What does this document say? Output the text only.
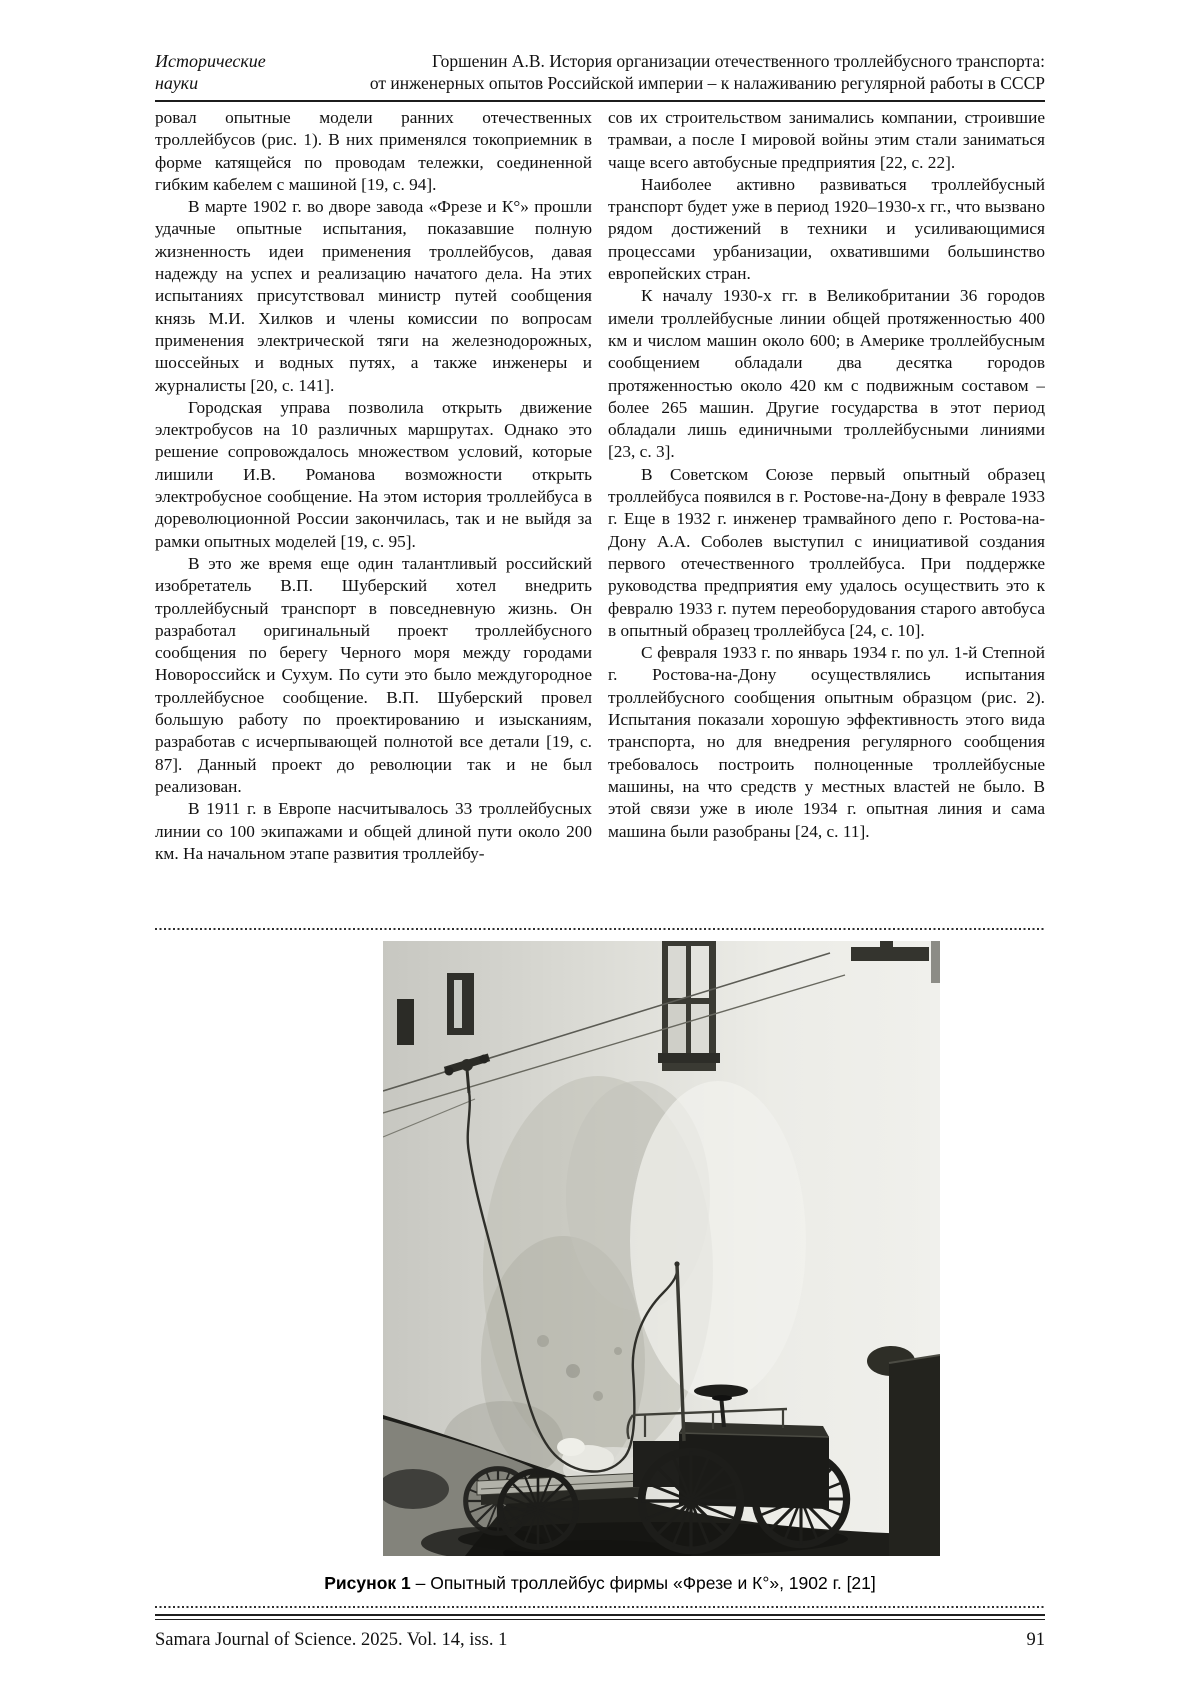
Исторические
науки
Горшенин А.В. История организации отечественного троллейбусного транспорта:
от инженерных опытов Российской империи – к налаживанию регулярной работы в СССР

ровал опытные модели ранних отечественных троллейбусов (рис. 1). В них применялся токоприемник в форме катящейся по проводам тележки, соединенной гибким кабелем с машиной [19, с. 94].

В марте 1902 г. во дворе завода «Фрезе и К°» прошли удачные опытные испытания, показавшие полную жизненность идеи применения троллейбусов, давая надежду на успех и реализацию начатого дела. На этих испытаниях присутствовал министр путей сообщения князь М.И. Хилков и члены комиссии по вопросам применения электрической тяги на железнодорожных, шоссейных и водных путях, а также инженеры и журналисты [20, с. 141].

Городская управа позволила открыть движение электробусов на 10 различных маршрутах. Однако это решение сопровождалось множеством условий, которые лишили И.В. Романова возможности открыть электробусное сообщение. На этом история троллейбуса в дореволюционной России закончилась, так и не выйдя за рамки опытных моделей [19, с. 95].

В это же время еще один талантливый российский изобретатель В.П. Шуберский хотел внедрить троллейбусный транспорт в повседневную жизнь. Он разработал оригинальный проект троллейбусного сообщения по берегу Черного моря между городами Новороссийск и Сухум. По сути это было междугородное троллейбусное сообщение. В.П. Шуберский провел большую работу по проектированию и изысканиям, разработав с исчерпывающей полнотой все детали [19, с. 87]. Данный проект до революции так и не был реализован.

В 1911 г. в Европе насчитывалось 33 троллейбусных линии со 100 экипажами и общей длиной пути около 200 км. На начальном этапе развития троллейбу-

сов их строительством занимались компании, строившие трамваи, а после I мировой войны этим стали заниматься чаще всего автобусные предприятия [22, с. 22].

Наиболее активно развиваться троллейбусный транспорт будет уже в период 1920–1930-х гг., что вызвано рядом достижений в техники и усиливающимися процессами урбанизации, охватившими большинство европейских стран.

К началу 1930-х гг. в Великобритании 36 городов имели троллейбусные линии общей протяженностью 400 км и числом машин около 600; в Америке троллейбусным сообщением обладали два десятка городов протяженностью около 420 км с подвижным составом – более 265 машин. Другие государства в этот период обладали лишь единичными троллейбусными линиями [23, с. 3].

В Советском Союзе первый опытный образец троллейбуса появился в г. Ростове-на-Дону в феврале 1933 г. Еще в 1932 г. инженер трамвайного депо г. Ростова-на-Дону А.А. Соболев выступил с инициативой создания первого отечественного троллейбуса. При поддержке руководства предприятия ему удалось осуществить это к февралю 1933 г. путем переоборудования старого автобуса в опытный образец троллейбуса [24, с. 10].

С февраля 1933 г. по январь 1934 г. по ул. 1-й Степной г. Ростова-на-Дону осуществлялись испытания троллейбусного сообщения опытным образцом (рис. 2). Испытания показали хорошую эффективность этого вида транспорта, но для внедрения регулярного сообщения требовалось построить полноценные троллейбусные машины, на что средств у местных властей не было. В этой связи уже в июле 1934 г. опытная линия и сама машина были разобраны [24, с. 11].

Рисунок 1 – Опытный троллейбус фирмы «Фрезе и К°», 1902 г. [21]
Samara Journal of Science. 2025. Vol. 14, iss. 1	91
